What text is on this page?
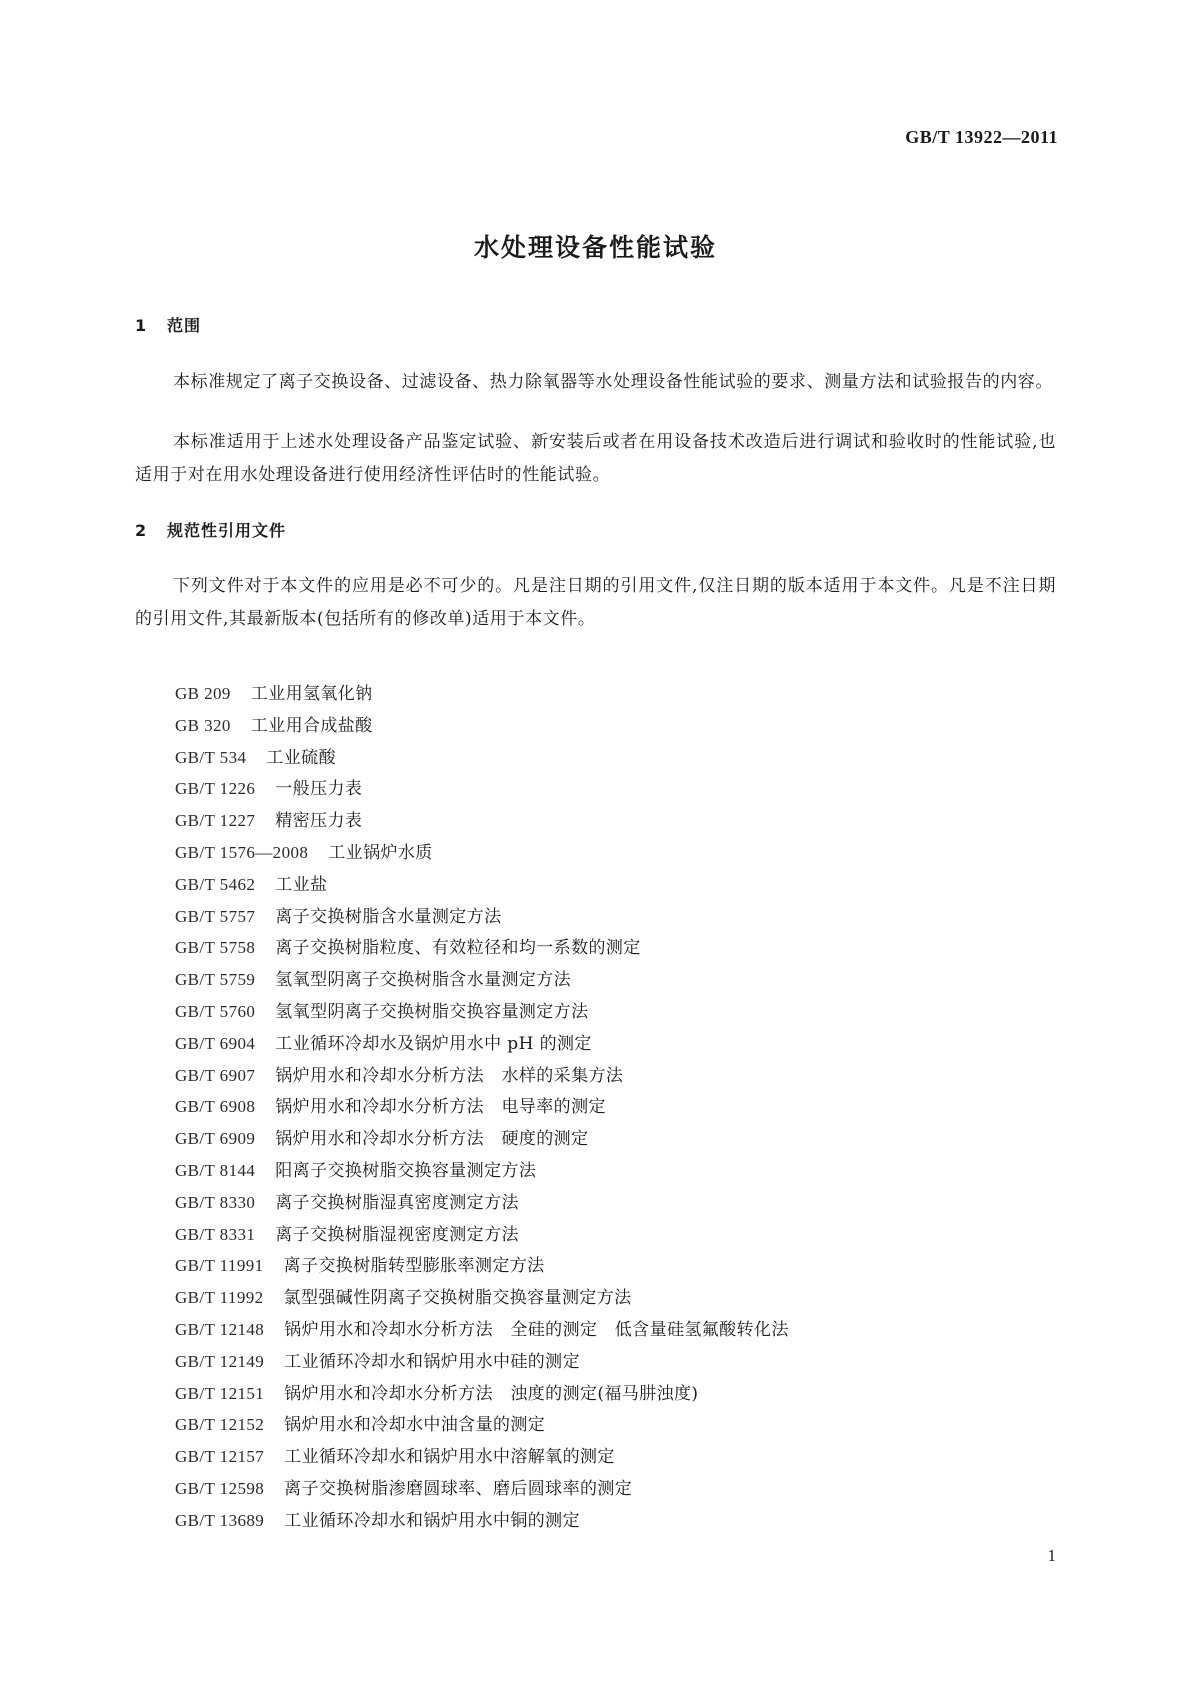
GB/T 13922—2011
水处理设备性能试验
1 范围

本标准规定了离子交换设备、过滤设备、热力除氧器等水处理设备性能试验的要求、测量方法和试验报告的内容。

本标准适用于上述水处理设备产品鉴定试验、新安装后或者在用设备技术改造后进行调试和验收时的性能试验,也适用于对在用水处理设备进行使用经济性评估时的性能试验。

2 规范性引用文件

下列文件对于本文件的应用是必不可少的。凡是注日期的引用文件,仅注日期的版本适用于本文件。凡是不注日期的引用文件,其最新版本(包括所有的修改单)适用于本文件。

GB 209 工业用氢氧化钠
GB 320 工业用合成盐酸
GB/T 534 工业硫酸
GB/T 1226 一般压力表
GB/T 1227 精密压力表
GB/T 1576—2008 工业锅炉水质
GB/T 5462 工业盐
GB/T 5757 离子交换树脂含水量测定方法
GB/T 5758 离子交换树脂粒度、有效粒径和均一系数的测定
GB/T 5759 氢氧型阴离子交换树脂含水量测定方法
GB/T 5760 氢氧型阴离子交换树脂交换容量测定方法
GB/T 6904 工业循环冷却水及锅炉用水中 pH 的测定
GB/T 6907 锅炉用水和冷却水分析方法　水样的采集方法
GB/T 6908 锅炉用水和冷却水分析方法　电导率的测定
GB/T 6909 锅炉用水和冷却水分析方法　硬度的测定
GB/T 8144 阳离子交换树脂交换容量测定方法
GB/T 8330 离子交换树脂湿真密度测定方法
GB/T 8331 离子交换树脂湿视密度测定方法
GB/T 11991 离子交换树脂转型膨胀率测定方法
GB/T 11992 氯型强碱性阴离子交换树脂交换容量测定方法
GB/T 12148 锅炉用水和冷却水分析方法　全硅的测定　低含量硅氢氟酸转化法
GB/T 12149 工业循环冷却水和锅炉用水中硅的测定
GB/T 12151 锅炉用水和冷却水分析方法　浊度的测定(福马肼浊度)
GB/T 12152 锅炉用水和冷却水中油含量的测定
GB/T 12157 工业循环冷却水和锅炉用水中溶解氧的测定
GB/T 12598 离子交换树脂渗磨圆球率、磨后圆球率的测定
GB/T 13689 工业循环冷却水和锅炉用水中铜的测定
1
